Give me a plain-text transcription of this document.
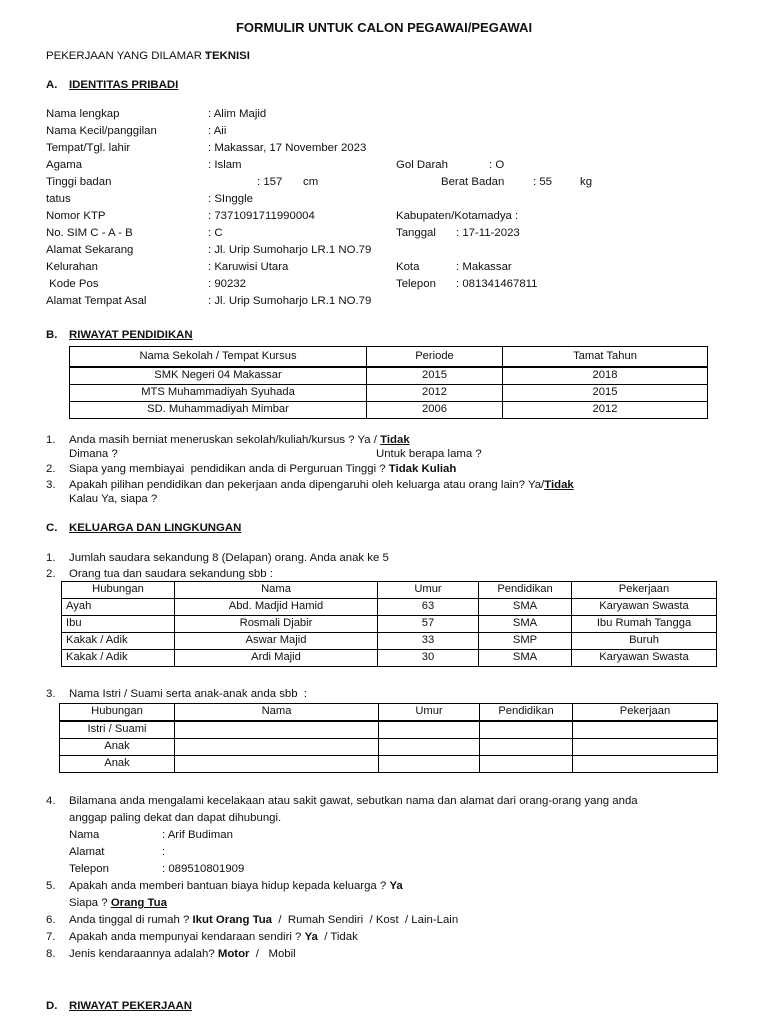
FORMULIR UNTUK CALON PEGAWAI/PEGAWAI
PEKERJAAN YANG DILAMAR :
TEKNISI
A. IDENTITAS PRIBADI
Nama lengkap	: Alim Majid
Nama Kecil/panggilan	: Aii
Tempat/Tgl. lahir	: Makassar, 17 November 2023
Agama	: Islam	Gol Darah	: O
Tinggi badan	: 157 cm	Berat Badan	: 55 kg
tatus	: SInggle
Nomor KTP	: 7371091711990004	Kabupaten/Kotamadya :
No. SIM C - A - B	: C	Tanggal : 17-11-2023
Alamat Sekarang	: Jl. Urip Sumoharjo LR.1 NO.79
Kelurahan	: Karuwisi Utara	Kota	: Makassar
Kode Pos	: 90232	Telepon : 081341467811
Alamat Tempat Asal	: Jl. Urip Sumoharjo LR.1 NO.79
B. RIWAYAT PENDIDIKAN
Nama Sekolah / Tempat Kursus	Periode	Tamat Tahun
SMK Negeri 04 Makassar	2015	2018
MTS Muhammadiyah Syuhada	2012	2015
SD. Muhammadiyah Mimbar	2006	2012
1. Anda masih berniat meneruskan sekolah/kuliah/kursus ? Ya / Tidak
Dimana ?	Untuk berapa lama ?
2. Siapa yang membiayai  pendidikan anda di Perguruan Tinggi ? Tidak Kuliah
3. Apakah pilihan pendidikan dan pekerjaan anda dipengaruhi oleh keluarga atau orang lain? Ya/Tidak
Kalau Ya, siapa ?
C. KELUARGA DAN LINGKUNGAN
1. Jumlah saudara sekandung 8 (Delapan) orang. Anda anak ke 5
2. Orang tua dan saudara sekandung sbb :
Hubungan	Nama	Umur	Pendidikan	Pekerjaan
Ayah	Abd. Madjid Hamid	63	SMA	Karyawan Swasta
Ibu	Rosmali Djabir	57	SMA	Ibu Rumah Tangga
Kakak / Adik	Aswar Majid	33	SMP	Buruh
Kakak / Adik	Ardi Majid	30	SMA	Karyawan Swasta
3. Nama Istri / Suami serta anak-anak anda sbb  :
Hubungan	Nama	Umur	Pendidikan	Pekerjaan
Istri / Suami				
Anak				
Anak				
4. Bilamana anda mengalami kecelakaan atau sakit gawat, sebutkan nama dan alamat dari orang-orang yang anda
anggap paling dekat dan dapat dihubungi.
Nama	: Arif Budiman
Alamat	:
Telepon	: 089510801909
5. Apakah anda memberi bantuan biaya hidup kepada keluarga ? Ya
Siapa ? Orang Tua
6. Anda tinggal di rumah ? Ikut Orang Tua  /  Rumah Sendiri  / Kost  / Lain-Lain
7. Apakah anda mempunyai kendaraan sendiri ? Ya  / Tidak
8. Jenis kendaraannya adalah? Motor  /   Mobil
D. RIWAYAT PEKERJAAN
